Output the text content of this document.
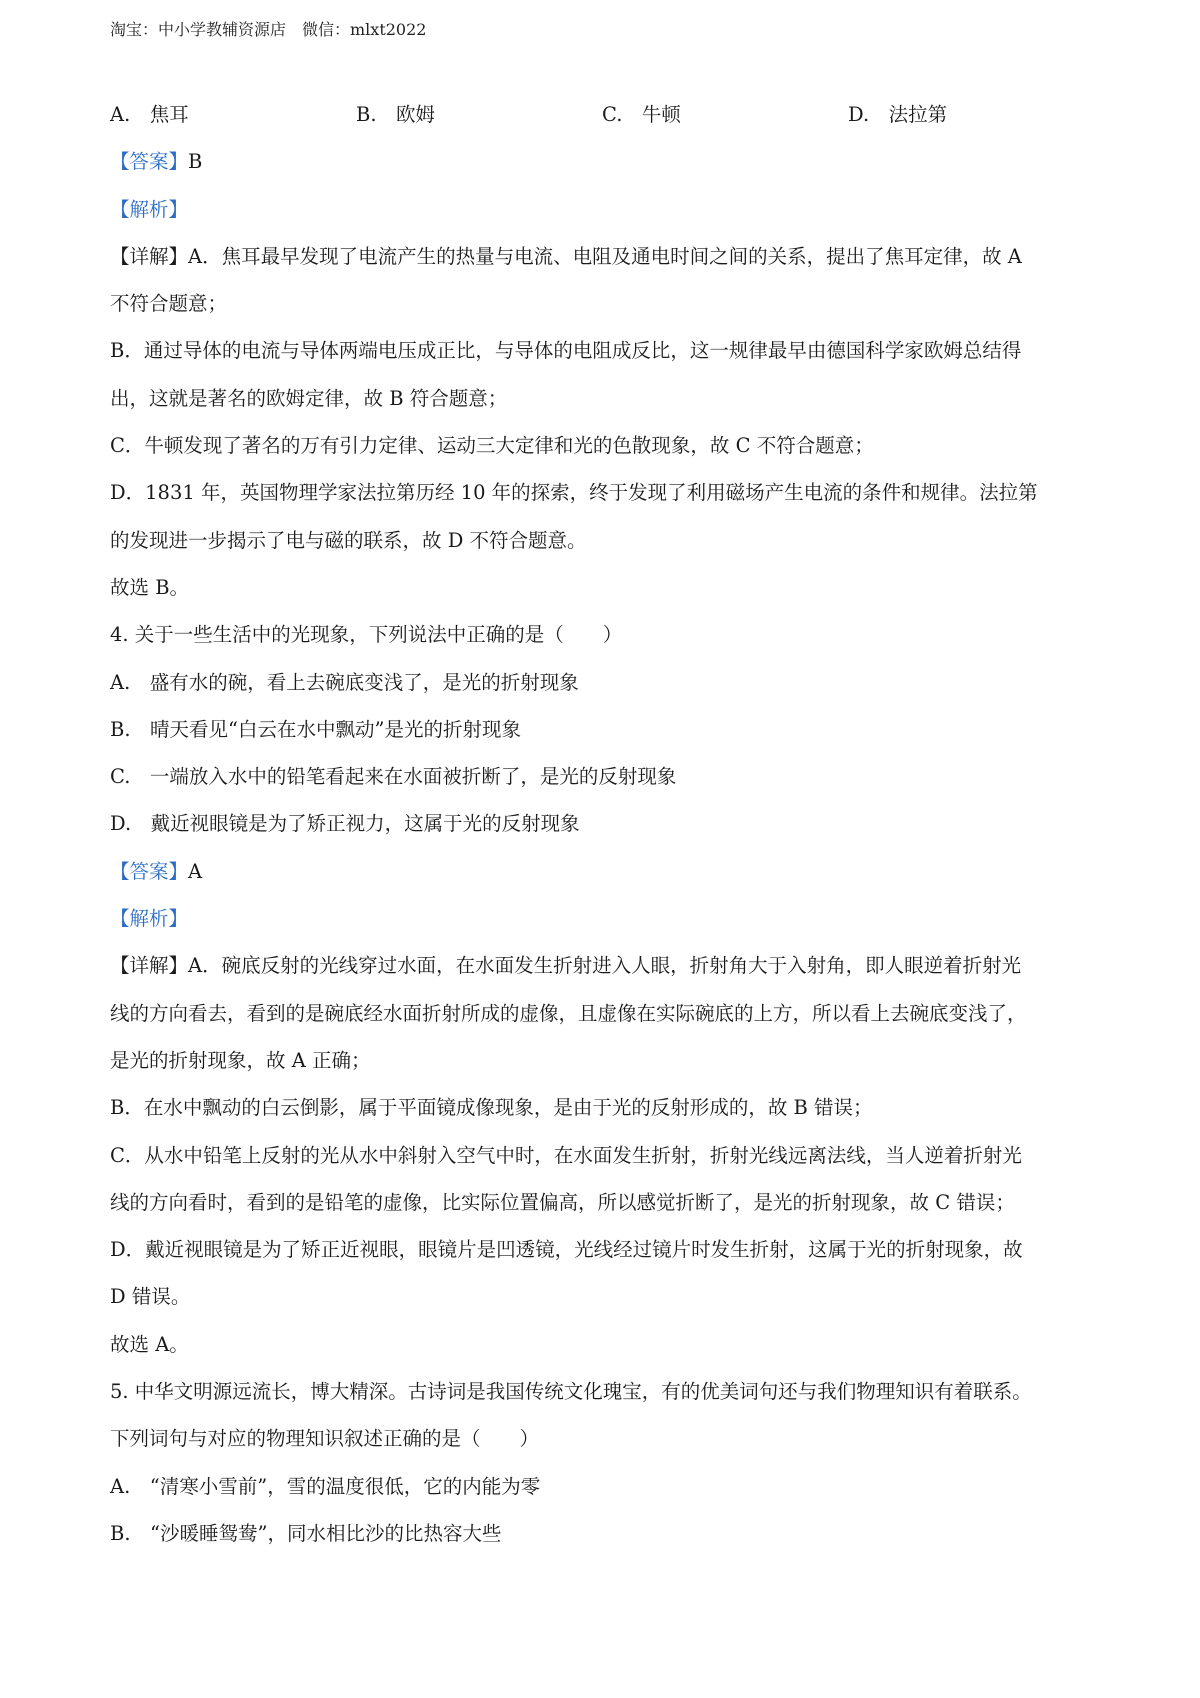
淘宝：中小学教辅资源店　微信：mlxt2022
A.　焦耳	B.　欧姆	C.　牛顿	D.　法拉第
【答案】B
【解析】
【详解】A．焦耳最早发现了电流产生的热量与电流、电阻及通电时间之间的关系，提出了焦耳定律，故 A
不符合题意；
B．通过导体的电流与导体两端电压成正比，与导体的电阻成反比，这一规律最早由德国科学家欧姆总结得
出，这就是著名的欧姆定律，故 B 符合题意；
C．牛顿发现了著名的万有引力定律、运动三大定律和光的色散现象，故 C 不符合题意；
D．1831 年，英国物理学家法拉第历经 10 年的探索，终于发现了利用磁场产生电流的条件和规律。法拉第
的发现进一步揭示了电与磁的联系，故 D 不符合题意。
故选 B。
4. 关于一些生活中的光现象，下列说法中正确的是（　　）
A.　盛有水的碗，看上去碗底变浅了，是光的折射现象
B.　晴天看见“白云在水中飘动”是光的折射现象
C.　一端放入水中的铅笔看起来在水面被折断了，是光的反射现象
D.　戴近视眼镜是为了矫正视力，这属于光的反射现象
【答案】A
【解析】
【详解】A．碗底反射的光线穿过水面，在水面发生折射进入人眼，折射角大于入射角，即人眼逆着折射光
线的方向看去，看到的是碗底经水面折射所成的虚像，且虚像在实际碗底的上方，所以看上去碗底变浅了，
是光的折射现象，故 A 正确；
B．在水中飘动的白云倒影，属于平面镜成像现象，是由于光的反射形成的，故 B 错误；
C．从水中铅笔上反射的光从水中斜射入空气中时，在水面发生折射，折射光线远离法线，当人逆着折射光
线的方向看时，看到的是铅笔的虚像，比实际位置偏高，所以感觉折断了，是光的折射现象，故 C 错误；
D．戴近视眼镜是为了矫正近视眼，眼镜片是凹透镜，光线经过镜片时发生折射，这属于光的折射现象，故
D 错误。
故选 A。
5. 中华文明源远流长，博大精深。古诗词是我国传统文化瑰宝，有的优美词句还与我们物理知识有着联系。
下列词句与对应的物理知识叙述正确的是（　　）
A.　“清寒小雪前”，雪的温度很低，它的内能为零
B.　“沙暖睡鸳鸯”，同水相比沙的比热容大些
